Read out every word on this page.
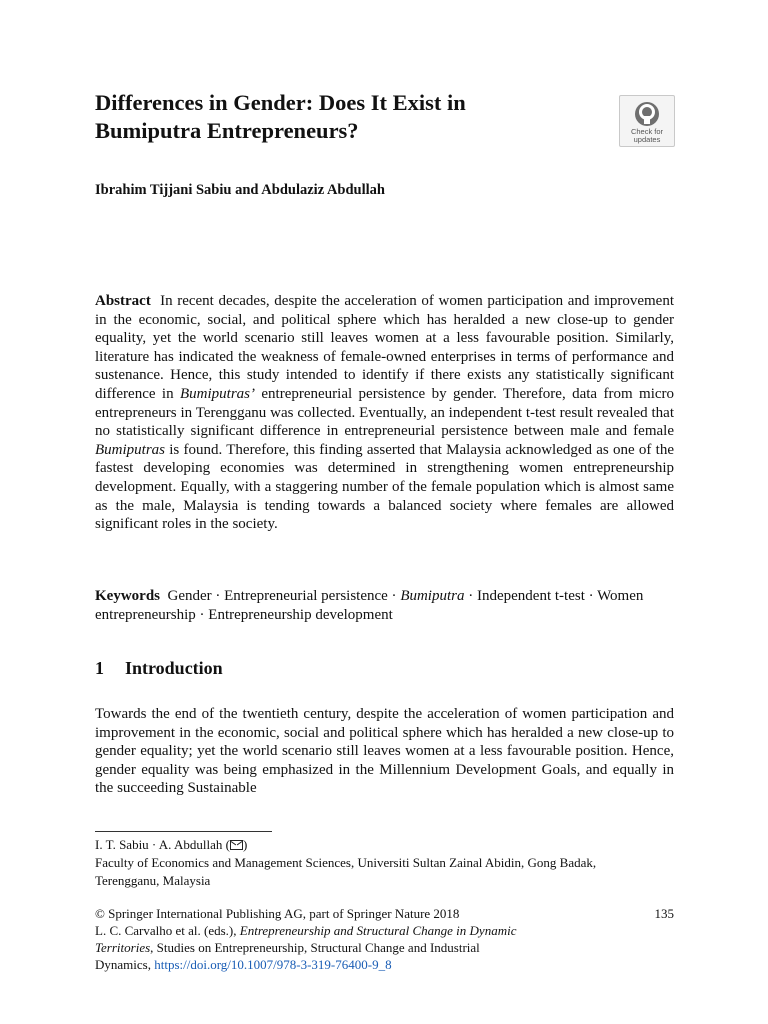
Differences in Gender: Does It Exist in Bumiputra Entrepreneurs?	Check for
updates

Ibrahim Tijjani Sabiu and Abdulaziz Abdullah

Abstract In recent decades, despite the acceleration of women participation and improvement in the economic, social, and political sphere which has heralded a new close-up to gender equality, yet the world scenario still leaves women at a less favourable position. Similarly, literature has indicated the weakness of female-owned enterprises in terms of performance and sustenance. Hence, this study intended to identify if there exists any statistically significant difference in Bumiputras’ entrepreneurial persistence by gender. Therefore, data from micro entrepreneurs in Terengganu was collected. Eventually, an independent t-test result revealed that no statistically significant difference in entrepreneurial persistence between male and female Bumiputras is found. Therefore, this finding asserted that Malaysia acknowledged as one of the fastest developing economies was determined in strengthening women entrepreneurship development. Equally, with a staggering number of the female population which is almost same as the male, Malaysia is tending towards a balanced society where females are allowed significant roles in the society.

Keywords Gender · Entrepreneurial persistence · Bumiputra · Independent t-test · Women entrepreneurship · Entrepreneurship development

1 Introduction

Towards the end of the twentieth century, despite the acceleration of women participation and improvement in the economic, social and political sphere which has heralded a new close-up to gender equality; yet the world scenario still leaves women at a less favourable position. Hence, gender equality was being emphasized in the Millennium Development Goals, and equally in the succeeding Sustainable

I. T. Sabiu · A. Abdullah ( )
Faculty of Economics and Management Sciences, Universiti Sultan Zainal Abidin, Gong Badak,
Terengganu, Malaysia

135
© Springer International Publishing AG, part of Springer Nature 2018
L. C. Carvalho et al. (eds.), Entrepreneurship and Structural Change in Dynamic
Territories, Studies on Entrepreneurship, Structural Change and Industrial
Dynamics, https://doi.org/10.1007/978-3-319-76400-9_8
